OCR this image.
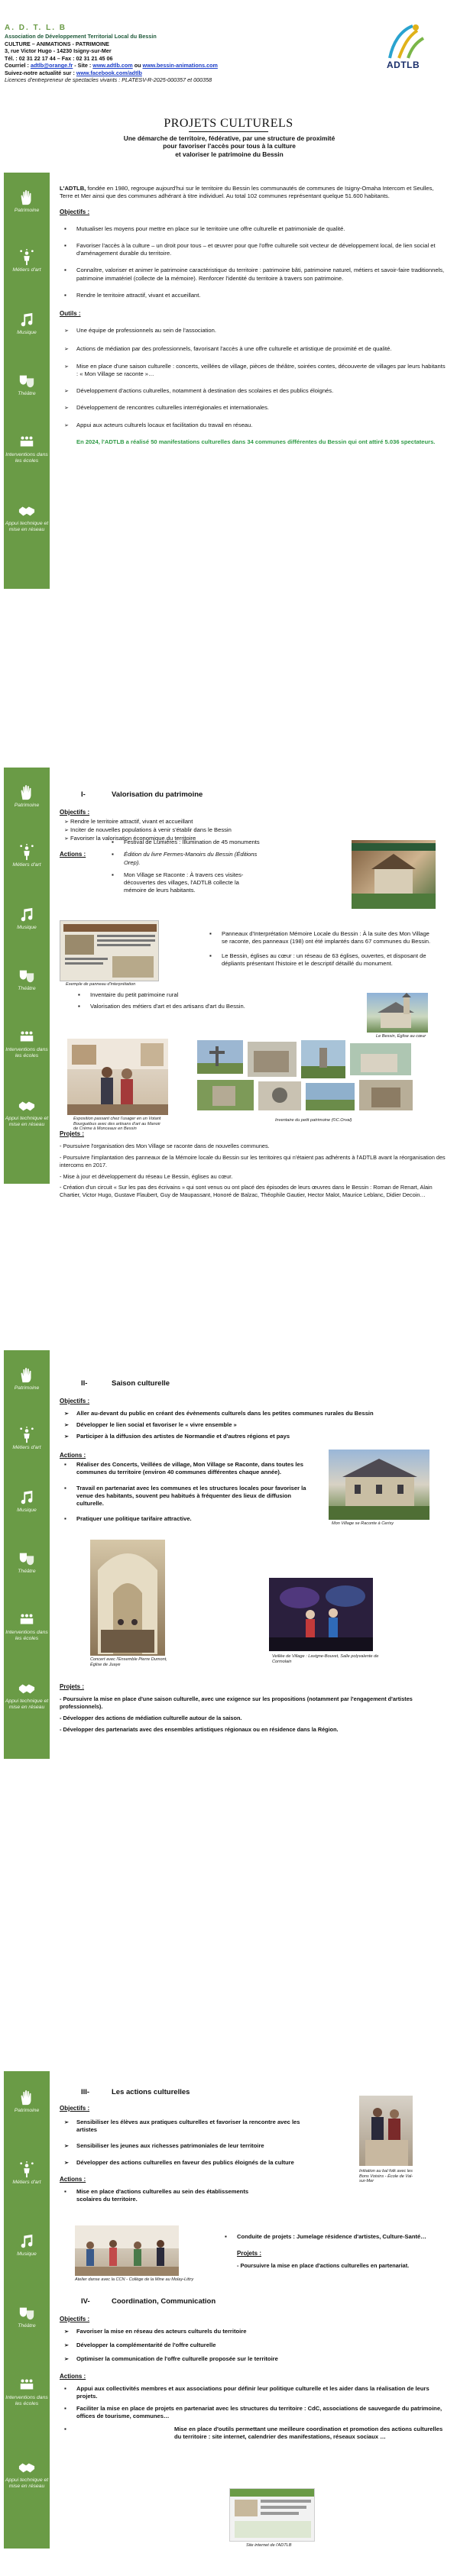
A. D. T. L. B
Association de Développement Territorial Local du Bessin
CULTURE – ANIMATIONS - PATRIMOINE
3, rue Victor Hugo - 14230 Isigny-sur-Mer
Tél. : 02 31 22 17 44 – Fax : 02 31 21 45 06
Courriel : adtlb@orange.fr - Site : www.adtlb.com ou www.bessin-animations.com
Suivez-notre actualité sur : www.facebook.com/adtlb
Licences d'entrepreneur de spectacles vivants : PLATESV-R-2025-000357 et 000358
ADTLB
PROJETS CULTURELS
Une démarche de territoire, fédérative, par une structure de proximité
pour favoriser l'accès pour tous à la culture
et valoriser le patrimoine du Bessin
Patrimoine
Métiers d'art
Musique
Théâtre
Interventions dans les écoles
Appui technique et mise en réseau
Patrimoine
Métiers d'art
Musique
Théâtre
Interventions dans les écoles
Appui technique et mise en réseau
Patrimoine
Métiers d'art
Musique
Théâtre
Interventions dans les écoles
Appui technique et mise en réseau
Patrimoine
Métiers d'art
Musique
Théâtre
Interventions dans les écoles
Appui technique et mise en réseau

L'ADTLB, fondée en 1980, regroupe aujourd'hui sur le territoire du Bessin les communautés de communes de Isigny-Omaha Intercom et Seulles, Terre et Mer ainsi que des communes adhérant à titre individuel. Au total 102 communes représentant quelque 51.600 habitants.

Objectifs :
▪ Mutualiser les moyens pour mettre en place sur le territoire une offre culturelle et patrimoniale de qualité.
▪ Favoriser l'accès à la culture – un droit pour tous – et œuvrer pour que l'offre culturelle soit vecteur de développement local, de lien social et d'aménagement durable du territoire.
▪ Connaître, valoriser et animer le patrimoine caractéristique du territoire : patrimoine bâti, patrimoine naturel, métiers et savoir-faire traditionnels, patrimoine immatériel (collecte de la mémoire). Renforcer l'identité du territoire à travers son patrimoine.
▪ Rendre le territoire attractif, vivant et accueillant.
Outils :
➢ Une équipe de professionnels au sein de l'association.
➢ Actions de médiation par des professionnels, favorisant l'accès à une offre culturelle et artistique de proximité et de qualité.
➢ Mise en place d'une saison culturelle : concerts, veillées de village, pièces de théâtre, soirées contes, découverte de villages par leurs habitants : « Mon Village se raconte »…
➢ Développement d'actions culturelles, notamment à destination des scolaires et des publics éloignés.
➢ Développement de rencontres culturelles interrégionales et internationales.
➢ Appui aux acteurs culturels locaux et facilitation du travail en réseau.

En 2024, l'ADTLB a réalisé 50 manifestations culturelles dans 34 communes différentes du Bessin qui ont attiré 5.036 spectateurs.

I-	Valorisation du patrimoine
Objectifs :
➢ Rendre le territoire attractif, vivant et accueillant
➢ Inciter de nouvelles populations à venir s'établir dans le Bessin
➢ Favoriser la valorisation économique du territoire
Actions :
▪ Festival de Lumières : Illumination de 45 monuments
▪ Édition du livre Fermes-Manoirs du Bessin (Éditions Orep).
▪ Mon Village se Raconte : À travers ces visites-découvertes des villages, l'ADTLB collecte la mémoire de leurs habitants.
Exemple de panneau d'interprétation
▪ Panneaux d'Interprétation Mémoire Locale du Bessin : À la suite des Mon Village se raconte, des panneaux (198) ont été implantés dans 67 communes du Bessin.
▪ Le Bessin, églises au cœur : un réseau de 63 églises, ouvertes, et disposant de dépliants présentant l'histoire et le descriptif détaillé du monument.
▪ Inventaire du petit patrimoine rural
▪ Valorisation des métiers d'art et des artisans d'art du Bessin.
Le Bessin, Église au cœur
Exposition passant chez l'usager en un Votant Bourguébus avec des artisans d'art au Manoir de Crème à Monceaux en Bessin
Inventaire du petit patrimoine (©C.Orval)
Projets :

- Poursuivre l'organisation des Mon Village se raconte dans de nouvelles communes.

- Poursuivre l'implantation des panneaux de la Mémoire locale du Bessin sur les territoires qui n'étaient pas adhérents à l'ADTLB avant la réorganisation des intercoms en 2017.

- Mise à jour et développement du réseau Le Bessin, églises au cœur.

- Création d'un circuit « Sur les pas des écrivains » qui sont venus ou ont placé des épisodes de leurs œuvres dans le Bessin : Roman de Renart, Alain Chartier, Victor Hugo, Gustave Flaubert, Guy de Maupassant, Honoré de Balzac, Théophile Gautier, Hector Malot, Maurice Leblanc, Didier Decoin…

II-	Saison culturelle
Objectifs :
➢ Aller au-devant du public en créant des évènements culturels dans les petites communes rurales du Bessin
➢ Développer le lien social et favoriser le « vivre ensemble »
➢ Participer à la diffusion des artistes de Normandie et d'autres régions et pays
Actions :
▪ Réaliser des Concerts, Veillées de village, Mon Village se Raconte, dans toutes les communes du territoire (environ 40 communes différentes chaque année).
▪ Travail en partenariat avec les communes et les structures locales pour favoriser la venue des habitants, souvent peu habitués à fréquenter des lieux de diffusion culturelle.
▪ Pratiquer une politique tarifaire attractive.
Mon Village se Raconte à Cerisy
Concert avec l'Ensemble Pierre Dumont, Église de Juaye
Veillée de Village : Lavigne-Bouvet, Salle polyvalente de Cormolain
Projets :

- Poursuivre la mise en place d'une saison culturelle, avec une exigence sur les propositions (notamment par l'engagement d'artistes professionnels).

- Développer des actions de médiation culturelle autour de la saison.

- Développer des partenariats avec des ensembles artistiques régionaux ou en résidence dans la Région.

III-	Les actions culturelles
Objectifs :
➢ Sensibiliser les élèves aux pratiques culturelles et favoriser la rencontre avec les artistes
➢ Sensibiliser les jeunes aux richesses patrimoniales de leur territoire
➢ Développer des actions culturelles en faveur des publics éloignés de la culture
Actions :
▪ Mise en place d'actions culturelles au sein des établissements scolaires du territoire.
Initiation au bal folk avec les Bons Voisins - École de Val-sur-Mer
Atelier danse avec la CCN - Collège de la Mine au Molay-Littry
▪ Conduite de projets : Jumelage résidence d'artistes, Culture-Santé…
Projets :

- Poursuivre la mise en place d'actions culturelles en partenariat.

IV-	Coordination, Communication
Objectifs :
➢ Favoriser la mise en réseau des acteurs culturels du territoire
➢ Développer la complémentarité de l'offre culturelle
➢ Optimiser la communication de l'offre culturelle proposée sur le territoire
Actions :
▪ Appui aux collectivités membres et aux associations pour définir leur politique culturelle et les aider dans la réalisation de leurs projets.
▪ Faciliter la mise en place de projets en partenariat avec les structures du territoire : CdC, associations de sauvegarde du patrimoine, offices de tourisme, communes…
▪ Mise en place d'outils permettant une meilleure coordination et promotion des actions culturelles du territoire : site internet, calendrier des manifestations, réseaux sociaux …
Site internet de l'ADTLB
